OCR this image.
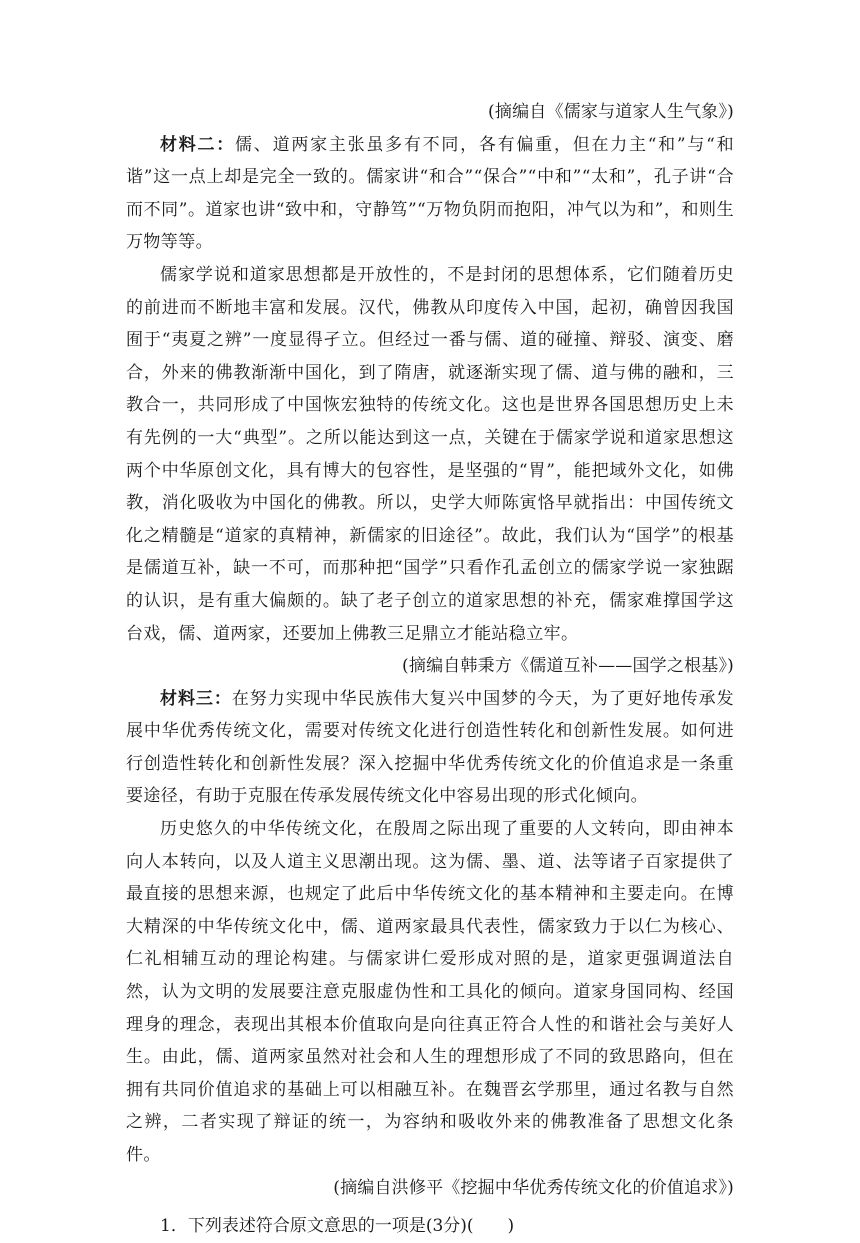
(摘编自《儒家与道家人生气象》)

材料二：儒、道两家主张虽多有不同，各有偏重，但在力主“和”与“和谐”这一点上却是完全一致的。儒家讲“和合”“保合”“中和”“太和”，孔子讲“合而不同”。道家也讲“致中和，守静笃”“万物负阴而抱阳，冲气以为和”，和则生万物等等。

儒家学说和道家思想都是开放性的，不是封闭的思想体系，它们随着历史的前进而不断地丰富和发展。汉代，佛教从印度传入中国，起初，确曾因我国囿于“夷夏之辨”一度显得孑立。但经过一番与儒、道的碰撞、辩驳、演变、磨合，外来的佛教渐渐中国化，到了隋唐，就逐渐实现了儒、道与佛的融和，三教合一，共同形成了中国恢宏独特的传统文化。这也是世界各国思想历史上未有先例的一大“典型”。之所以能达到这一点，关键在于儒家学说和道家思想这两个中华原创文化，具有博大的包容性，是坚强的“胃”，能把域外文化，如佛教，消化吸收为中国化的佛教。所以，史学大师陈寅恪早就指出：中国传统文化之精髓是“道家的真精神，新儒家的旧途径”。故此，我们认为“国学”的根基是儒道互补，缺一不可，而那种把“国学”只看作孔孟创立的儒家学说一家独踞的认识，是有重大偏颇的。缺了老子创立的道家思想的补充，儒家难撑国学这台戏，儒、道两家，还要加上佛教三足鼎立才能站稳立牢。

(摘编自韩秉方《儒道互补——国学之根基》)

材料三：在努力实现中华民族伟大复兴中国梦的今天，为了更好地传承发展中华优秀传统文化，需要对传统文化进行创造性转化和创新性发展。如何进行创造性转化和创新性发展？深入挖掘中华优秀传统文化的价值追求是一条重要途径，有助于克服在传承发展传统文化中容易出现的形式化倾向。

历史悠久的中华传统文化，在殷周之际出现了重要的人文转向，即由神本向人本转向，以及人道主义思潮出现。这为儒、墨、道、法等诸子百家提供了最直接的思想来源，也规定了此后中华传统文化的基本精神和主要走向。在博大精深的中华传统文化中，儒、道两家最具代表性，儒家致力于以仁为核心、仁礼相辅互动的理论构建。与儒家讲仁爱形成对照的是，道家更强调道法自然，认为文明的发展要注意克服虚伪性和工具化的倾向。道家身国同构、经国理身的理念，表现出其根本价值取向是向往真正符合人性的和谐社会与美好人生。由此，儒、道两家虽然对社会和人生的理想形成了不同的致思路向，但在拥有共同价值追求的基础上可以相融互补。在魏晋玄学那里，通过名教与自然之辨，二者实现了辩证的统一，为容纳和吸收外来的佛教准备了思想文化条件。

(摘编自洪修平《挖掘中华优秀传统文化的价值追求》)

1．下列表述符合原文意思的一项是(3分)(　　)
